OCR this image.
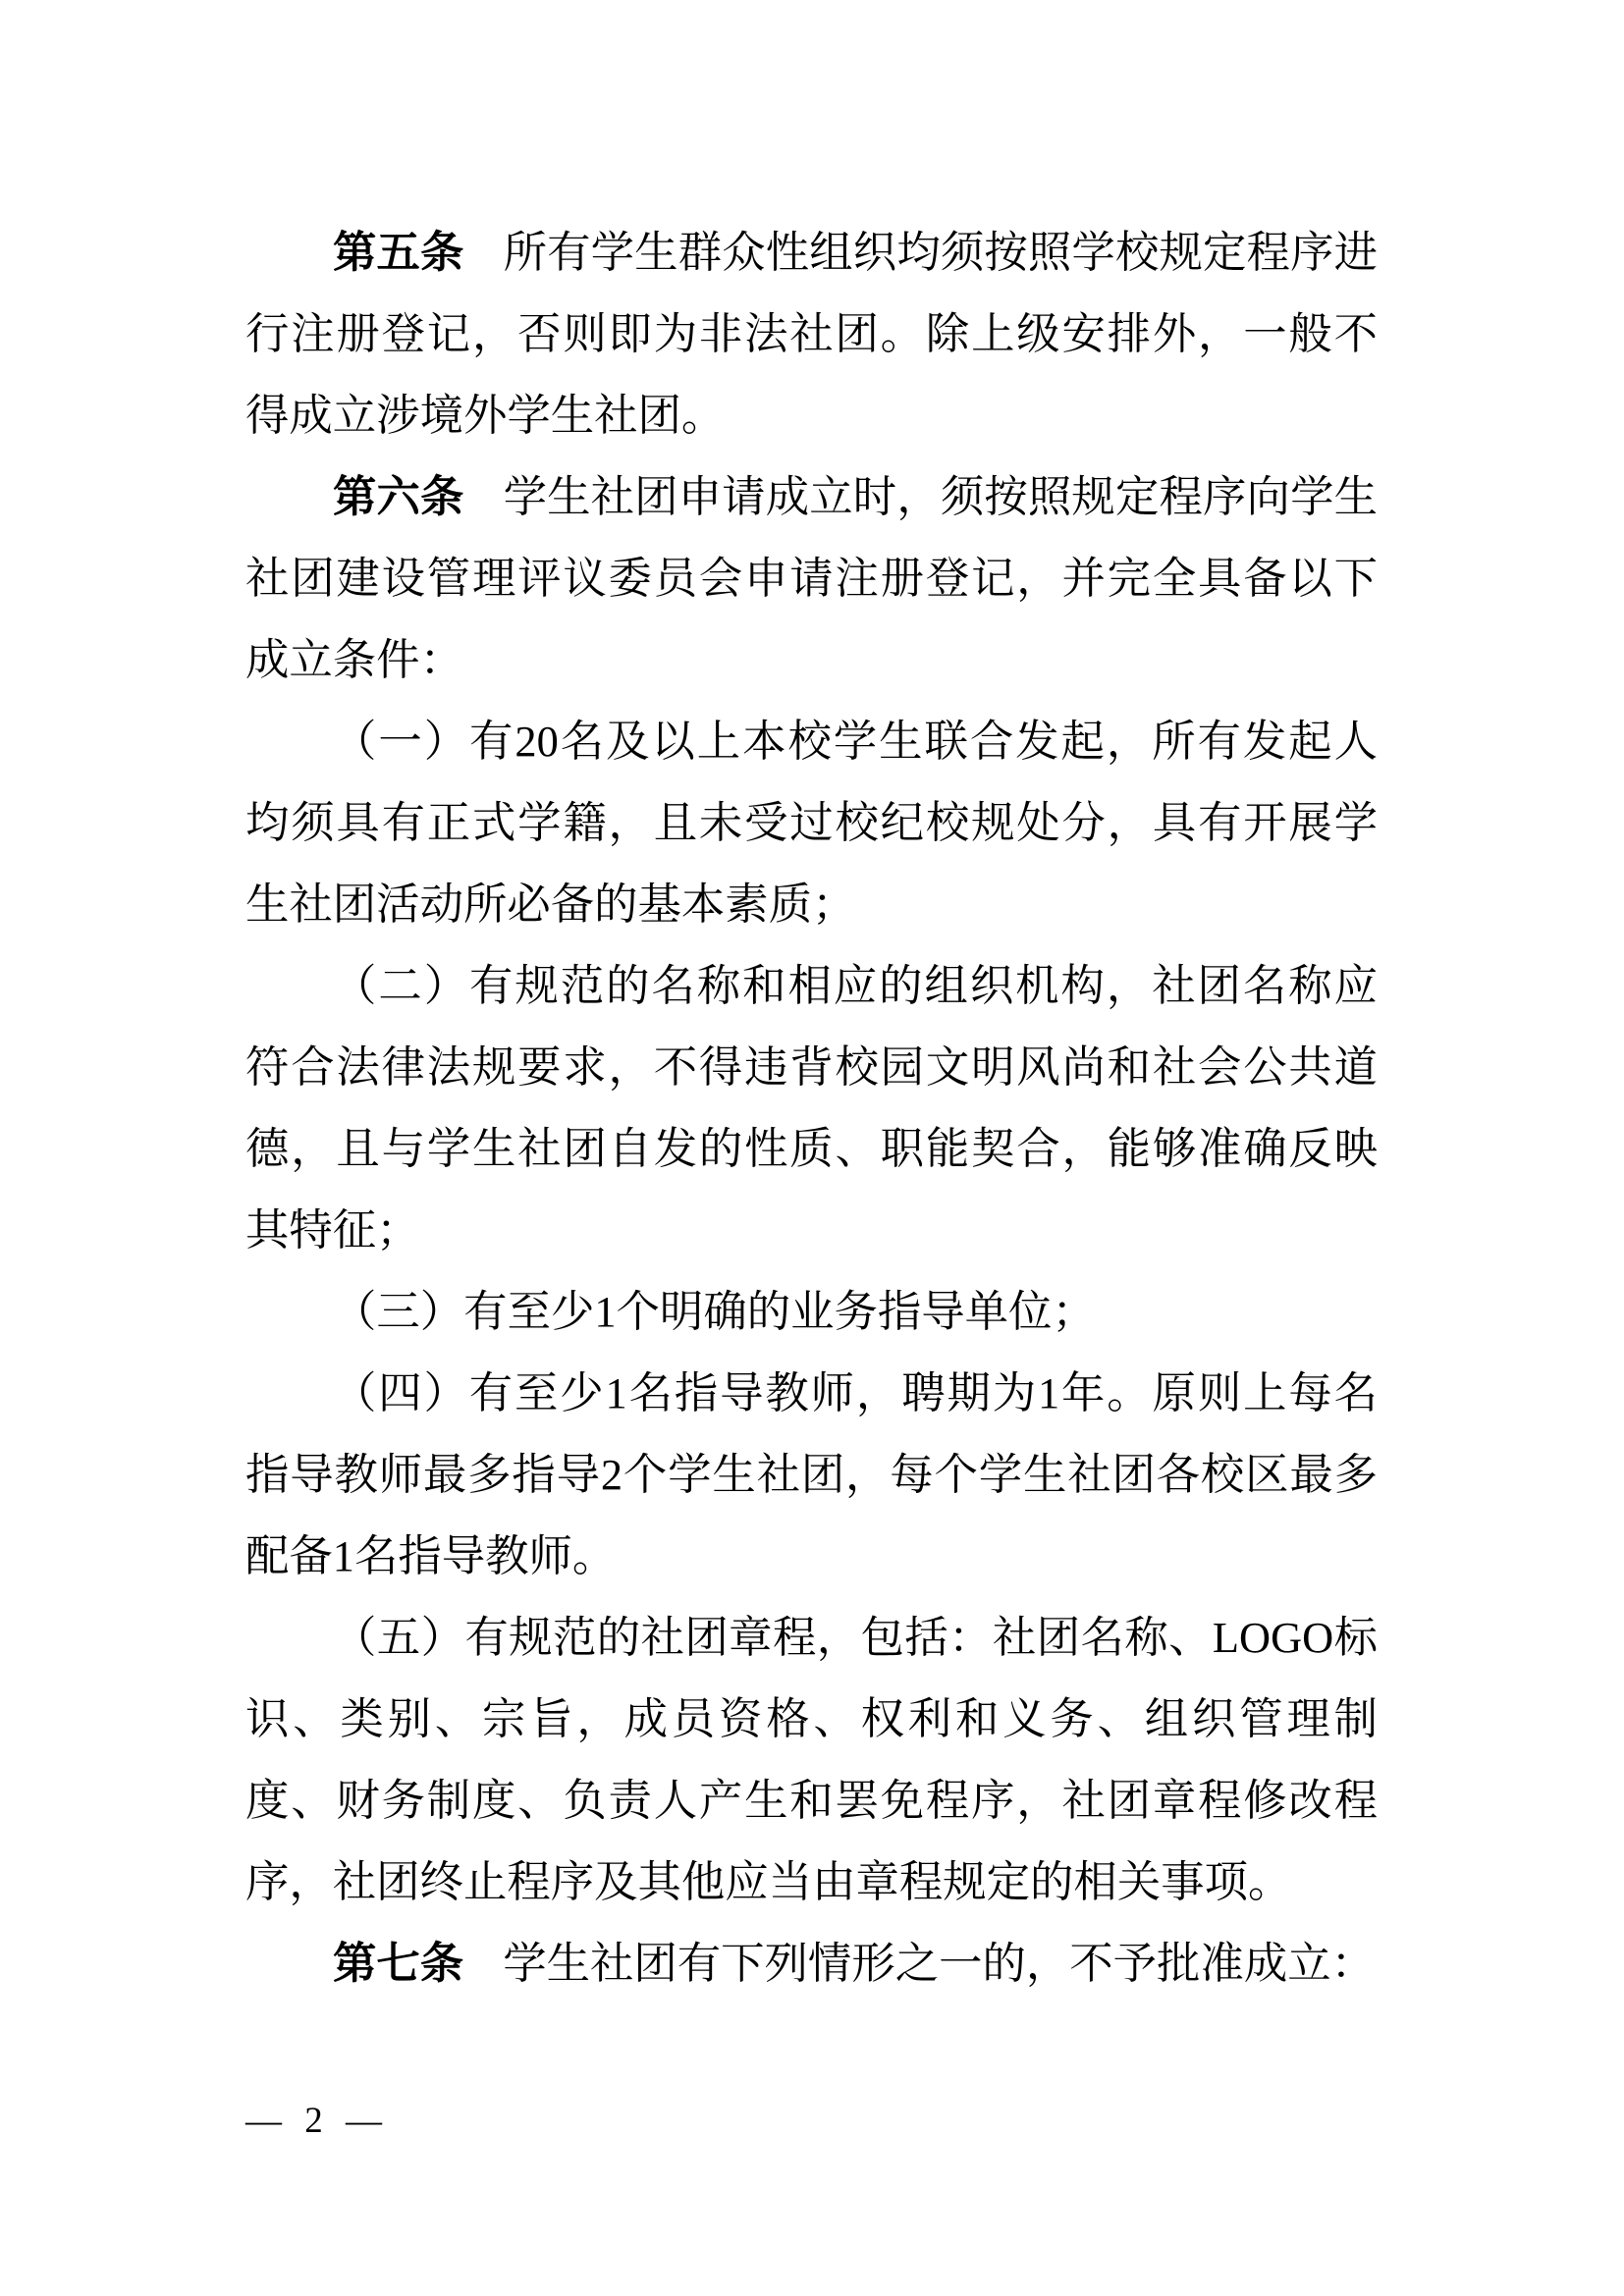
第五条 所有学生群众性组织均须按照学校规定程序进行注册登记，否则即为非法社团。除上级安排外，一般不得成立涉境外学生社团。

第六条 学生社团申请成立时，须按照规定程序向学生社团建设管理评议委员会申请注册登记，并完全具备以下成立条件：

（一）有20名及以上本校学生联合发起，所有发起人均须具有正式学籍，且未受过校纪校规处分，具有开展学生社团活动所必备的基本素质；

（二）有规范的名称和相应的组织机构，社团名称应符合法律法规要求，不得违背校园文明风尚和社会公共道德，且与学生社团自发的性质、职能契合，能够准确反映其特征；

（三）有至少1个明确的业务指导单位；

（四）有至少1名指导教师，聘期为1年。原则上每名指导教师最多指导2个学生社团，每个学生社团各校区最多配备1名指导教师。

（五）有规范的社团章程，包括：社团名称、LOGO标识、类别、宗旨，成员资格、权利和义务、组织管理制度、财务制度、负责人产生和罢免程序，社团章程修改程序，社团终止程序及其他应当由章程规定的相关事项。

第七条 学生社团有下列情形之一的，不予批准成立：

— 2 —
